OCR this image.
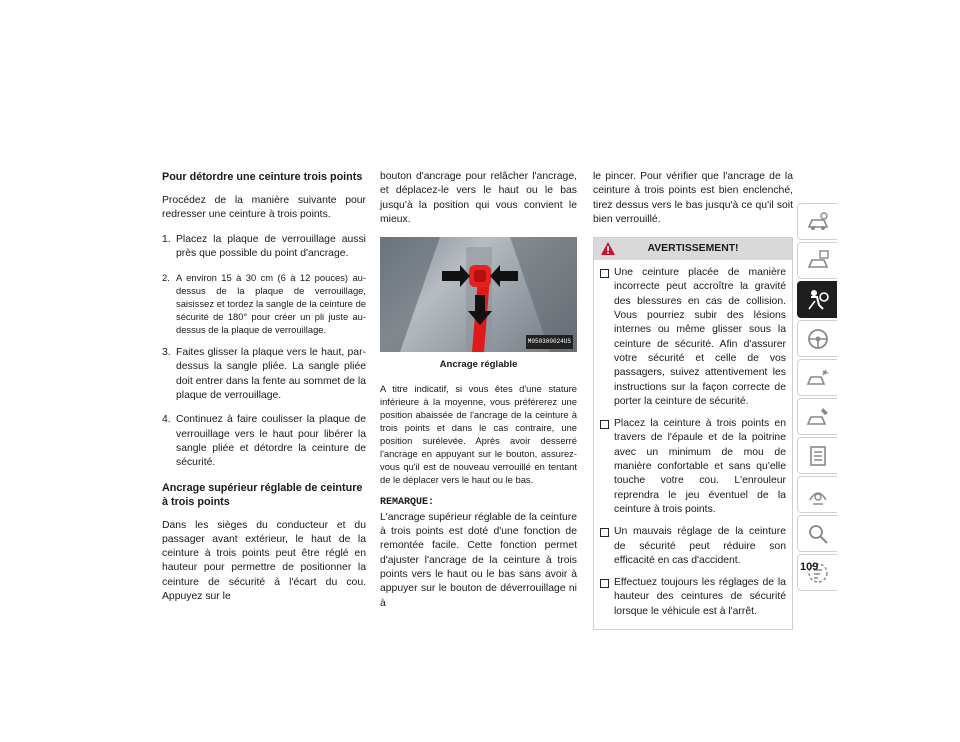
Pour détordre une ceinture trois points

Procédez de la manière suivante pour redresser une ceinture à trois points.

1. Placez la plaque de verrouillage aussi près que possible du point d'ancrage.
2. A environ 15 à 30 cm (6 à 12 pouces) au-dessus de la plaque de verrouillage, saisissez et tordez la sangle de la ceinture de sécurité de 180° pour créer un pli juste au-dessus de la plaque de verrouillage.
3. Faites glisser la plaque vers le haut, par-dessus la sangle pliée. La sangle pliée doit entrer dans la fente au sommet de la plaque de verrouillage.
4. Continuez à faire coulisser la plaque de verrouillage vers le haut pour libérer la sangle pliée et détordre la ceinture de sécurité.
Ancrage supérieur réglable de ceinture à trois points

Dans les sièges du conducteur et du passager avant extérieur, le haut de la ceinture à trois points peut être réglé en hauteur pour permettre de positionner la ceinture de sécurité à l'écart du cou. Appuyez sur le

bouton d'ancrage pour relâcher l'ancrage, et déplacez-le vers le haut ou le bas jusqu'à la position qui vous convient le mieux.

M050300024US
Ancrage réglable

A titre indicatif, si vous êtes d'une stature inférieure à la moyenne, vous préférerez une position abaissée de l'ancrage de la ceinture à trois points et dans le cas contraire, une position surélevée. Après avoir desserré l'ancrage en appuyant sur le bouton, assurez-vous qu'il est de nouveau verrouillé en tentant de le déplacer vers le haut ou le bas.

REMARQUE:

L'ancrage supérieur réglable de la ceinture à trois points est doté d'une fonction de remontée facile. Cette fonction permet d'ajuster l'ancrage de la ceinture à trois points vers le haut ou le bas sans avoir à appuyer sur le bouton de déverrouillage ni à

le pincer. Pour vérifier que l'ancrage de la ceinture à trois points est bien enclenché, tirez dessus vers le bas jusqu'à ce qu'il soit bien verrouillé.

AVERTISSEMENT!
Une ceinture placée de manière incorrecte peut accroître la gravité des blessures en cas de collision. Vous pourriez subir des lésions internes ou même glisser sous la ceinture de sécurité. Afin d'assurer votre sécurité et celle de vos passagers, suivez attentivement les instructions sur la façon correcte de porter la ceinture de sécurité.
Placez la ceinture à trois points en travers de l'épaule et de la poitrine avec un minimum de mou de manière confortable et sans qu'elle touche votre cou. L'enrouleur reprendra le jeu éventuel de la ceinture à trois points.
Un mauvais réglage de la ceinture de sécurité peut réduire son efficacité en cas d'accident.
Effectuez toujours les réglages de la hauteur des ceintures de sécurité lorsque le véhicule est à l'arrêt.
109
